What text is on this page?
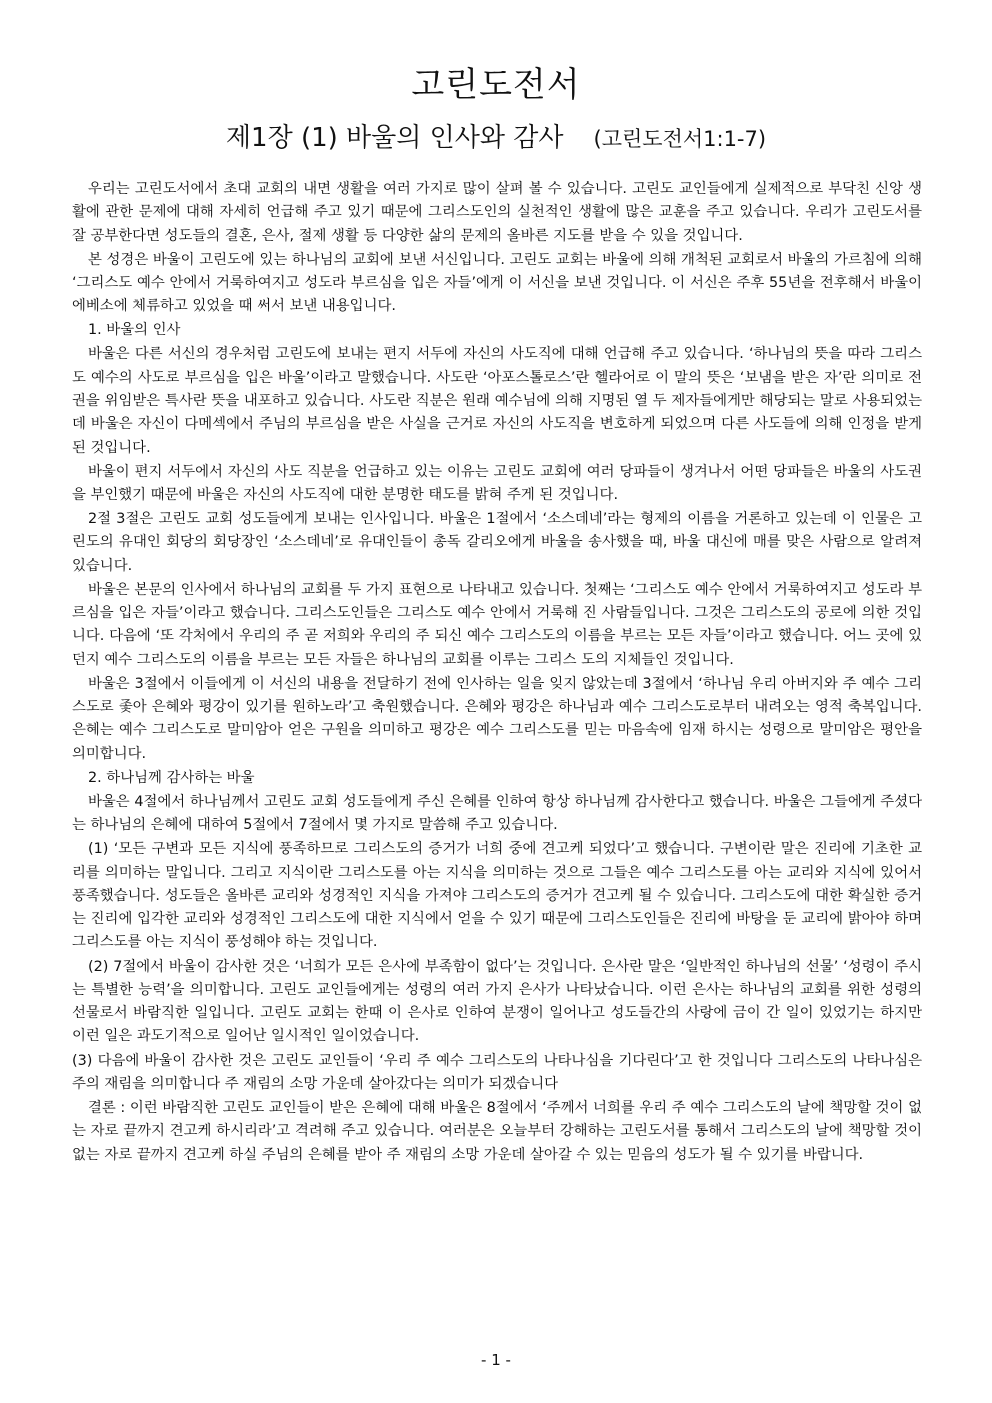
고린도전서
제1장 (1) 바울의 인사와 감사 (고린도전서1:1-7)

우리는 고린도서에서 초대 교회의 내면 생활을 여러 가지로 많이 살펴 볼 수 있습니다. 고린도 교인들에게 실제적으로 부닥친 신앙 생활에 관한 문제에 대해 자세히 언급해 주고 있기 때문에 그리스도인의 실천적인 생활에 많은 교훈을 주고 있습니다. 우리가 고린도서를 잘 공부한다면 성도들의 결혼, 은사, 절제 생활 등 다양한 삶의 문제의 올바른 지도를 받을 수 있을 것입니다.

본 성경은 바울이 고린도에 있는 하나님의 교회에 보낸 서신입니다. 고린도 교회는 바울에 의해 개척된 교회로서 바울의 가르침에 의해 ‘그리스도 예수 안에서 거룩하여지고 성도라 부르심을 입은 자들’에게 이 서신을 보낸 것입니다. 이 서신은 주후 55년을 전후해서 바울이 에베소에 체류하고 있었을 때 써서 보낸 내용입니다.

1. 바울의 인사

바울은 다른 서신의 경우처럼 고린도에 보내는 편지 서두에 자신의 사도직에 대해 언급해 주고 있습니다. ‘하나님의 뜻을 따라 그리스도 예수의 사도로 부르심을 입은 바울’이라고 말했습니다. 사도란 ‘아포스톨로스’란 헬라어로 이 말의 뜻은 ‘보냄을 받은 자’란 의미로 전권을 위임받은 특사란 뜻을 내포하고 있습니다. 사도란 직분은 원래 예수님에 의해 지명된 열 두 제자들에게만 해당되는 말로 사용되었는데 바울은 자신이 다메섹에서 주님의 부르심을 받은 사실을 근거로 자신의 사도직을 변호하게 되었으며 다른 사도들에 의해 인정을 받게 된 것입니다.

바울이 편지 서두에서 자신의 사도 직분을 언급하고 있는 이유는 고린도 교회에 여러 당파들이 생겨나서 어떤 당파들은 바울의 사도권을 부인했기 때문에 바울은 자신의 사도직에 대한 분명한 태도를 밝혀 주게 된 것입니다.

2절 3절은 고린도 교회 성도들에게 보내는 인사입니다. 바울은 1절에서 ‘소스데네’라는 형제의 이름을 거론하고 있는데 이 인물은 고린도의 유대인 회당의 회당장인 ‘소스데네’로 유대인들이 총독 갈리오에게 바울을 송사했을 때, 바울 대신에 매를 맞은 사람으로 알려져 있습니다.

바울은 본문의 인사에서 하나님의 교회를 두 가지 표현으로 나타내고 있습니다. 첫째는 ‘그리스도 예수 안에서 거룩하여지고 성도라 부르심을 입은 자들’이라고 했습니다. 그리스도인들은 그리스도 예수 안에서 거룩해 진 사람들입니다. 그것은 그리스도의 공로에 의한 것입니다. 다음에 ‘또 각처에서 우리의 주 곧 저희와 우리의 주 되신 예수 그리스도의 이름을 부르는 모든 자들’이라고 했습니다. 어느 곳에 있던지 예수 그리스도의 이름을 부르는 모든 자들은 하나님의 교회를 이루는 그리스 도의 지체들인 것입니다.

바울은 3절에서 이들에게 이 서신의 내용을 전달하기 전에 인사하는 일을 잊지 않았는데 3절에서 ‘하나님 우리 아버지와 주 예수 그리스도로 좇아 은혜와 평강이 있기를 원하노라’고 축원했습니다. 은혜와 평강은 하나님과 예수 그리스도로부터 내려오는 영적 축복입니다. 은혜는 예수 그리스도로 말미암아 얻은 구원을 의미하고 평강은 예수 그리스도를 믿는 마음속에 임재 하시는 성령으로 말미암은 평안을 의미합니다.

2. 하나님께 감사하는 바울

바울은 4절에서 하나님께서 고린도 교회 성도들에게 주신 은혜를 인하여 항상 하나님께 감사한다고 했습니다. 바울은 그들에게 주셨다는 하나님의 은혜에 대하여 5절에서 7절에서 몇 가지로 말씀해 주고 있습니다.

(1) ‘모든 구변과 모든 지식에 풍족하므로 그리스도의 증거가 너희 중에 견고케 되었다’고 했습니다. 구변이란 말은 진리에 기초한 교리를 의미하는 말입니다. 그리고 지식이란 그리스도를 아는 지식을 의미하는 것으로 그들은 예수 그리스도를 아는 교리와 지식에 있어서 풍족했습니다. 성도들은 올바른 교리와 성경적인 지식을 가져야 그리스도의 증거가 견고케 될 수 있습니다. 그리스도에 대한 확실한 증거는 진리에 입각한 교리와 성경적인 그리스도에 대한 지식에서 얻을 수 있기 때문에 그리스도인들은 진리에 바탕을 둔 교리에 밝아야 하며 그리스도를 아는 지식이 풍성해야 하는 것입니다.

(2) 7절에서 바울이 감사한 것은 ‘너희가 모든 은사에 부족함이 없다’는 것입니다. 은사란 말은 ‘일반적인 하나님의 선물’ ‘성령이 주시는 특별한 능력’을 의미합니다. 고린도 교인들에게는 성령의 여러 가지 은사가 나타났습니다. 이런 은사는 하나님의 교회를 위한 성령의 선물로서 바람직한 일입니다. 고린도 교회는 한때 이 은사로 인하여 분쟁이 일어나고 성도들간의 사랑에 금이 간 일이 있었기는 하지만 이런 일은 과도기적으로 일어난 일시적인 일이었습니다.

(3) 다음에 바울이 감사한 것은 고린도 교인들이 ‘우리 주 예수 그리스도의 나타나심을 기다린다’고 한 것입니다 그리스도의 나타나심은 주의 재림을 의미합니다 주 재림의 소망 가운데 살아갔다는 의미가 되겠습니다

결론 : 이런 바람직한 고린도 교인들이 받은 은혜에 대해 바울은 8절에서 ‘주께서 너희를 우리 주 예수 그리스도의 날에 책망할 것이 없는 자로 끝까지 견고케 하시리라’고 격려해 주고 있습니다. 여러분은 오늘부터 강해하는 고린도서를 통해서 그리스도의 날에 책망할 것이 없는 자로 끝까지 견고케 하실 주님의 은혜를 받아 주 재림의 소망 가운데 살아갈 수 있는 믿음의 성도가 될 수 있기를 바랍니다.

- 1 -
